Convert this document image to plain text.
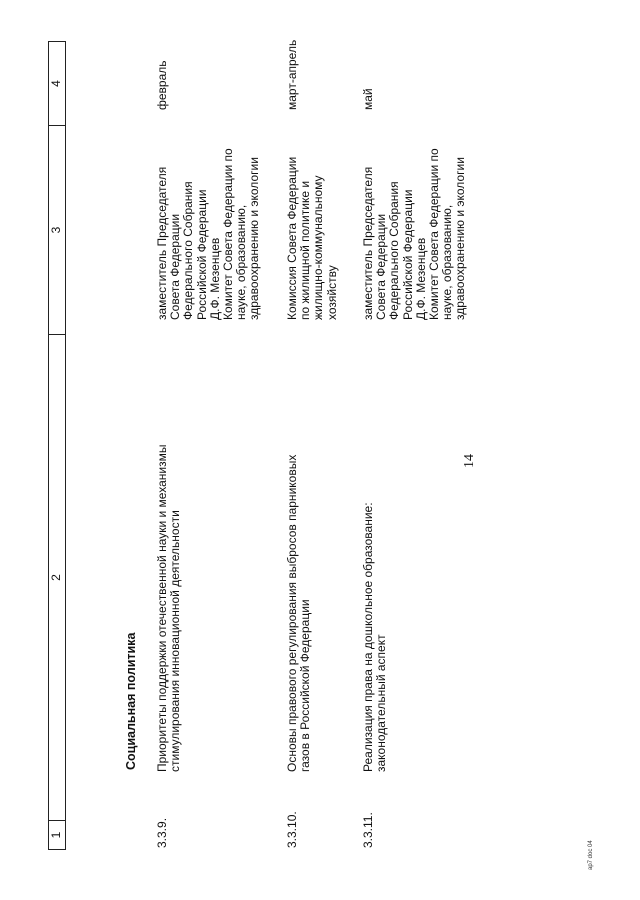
1
2
3
4
14
Социальная политика
3.3.9.
Приоритеты поддержки отечественной науки и механизмы
стимулирования инновационной деятельности
заместитель Председателя
Совета Федерации
Федерального Собрания
Российской Федерации
Д.Ф. Мезенцев
Комитет Совета Федерации по
науке, образованию,
здравоохранению и экологии
февраль
3.3.10.
Основы правового регулирования выбросов парниковых
газов в Российской Федерации
Комиссия Совета Федерации
по жилищной политике и
жилищно-коммунальному
хозяйству
март-апрель
3.3.11.
Реализация права на дошкольное образование:
законодательный аспект
заместитель Председателя
Совета Федерации
Федерального Собрания
Российской Федерации
Д.Ф. Мезенцев
Комитет Совета Федерации по
науке, образованию,
здравоохранению и экологии
май
ap7 doc 04
